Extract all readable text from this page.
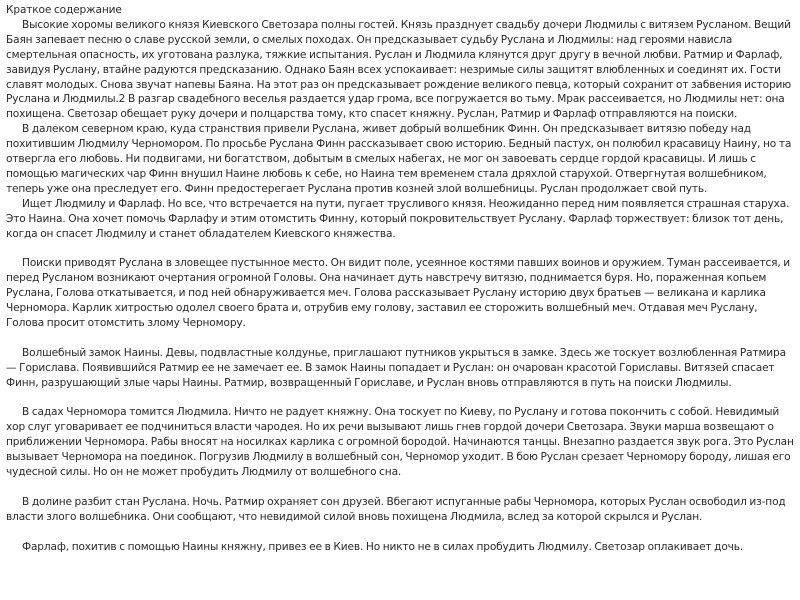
Краткое содержание

Высокие хоромы великого князя Киевского Светозара полны гостей. Князь празднует свадьбу дочери Людмилы с витязем Русланом. Вещий Баян запевает песню о славе русской земли, о смелых походах. Он предсказывает судьбу Руслана и Людмилы: над героями нависла смертельная опасность, их уготована разлука, тяжкие испытания. Руслан и Людмила клянутся друг другу в вечной любви. Ратмир и Фарлаф, завидуя Руслану, втайне радуются предсказанию. Однако Баян всех успокаивает: незримые силы защитят влюбленных и соединят их. Гости славят молодых. Снова звучат напевы Баяна. На этот раз он предсказывает рождение великого певца, который сохранит от забвения историю Руслана и Людмилы.2 В разгар свадебного веселья раздается удар грома, все погружается во тьму. Мрак рассеивается, но Людмилы нет: она похищена. Светозар обещает руку дочери и полцарства тому, кто спасет княжну. Руслан, Ратмир и Фарлаф отправляются на поиски.

В далеком северном краю, куда странствия привели Руслана, живет добрый волшебник Финн. Он предсказывает витязю победу над похитившим Людмилу Черномором. По просьбе Руслана Финн рассказывает свою историю. Бедный пастух, он полюбил красавицу Наину, но та отвергла его любовь. Ни подвигами, ни богатством, добытым в смелых набегах, не мог он завоевать сердце гордой красавицы. И лишь с помощью магических чар Финн внушил Наине любовь к себе, но Наина тем временем стала дряхлой старухой. Отвергнутая волшебником, теперь уже она преследует его. Финн предостерегает Руслана против козней злой волшебницы. Руслан продолжает свой путь.

Ищет Людмилу и Фарлаф. Но все, что встречается на пути, пугает трусливого князя. Неожиданно перед ним появляется страшная старуха. Это Наина. Она хочет помочь Фарлафу и этим отомстить Финну, который покровительствует Руслану. Фарлаф торжествует: близок тот день, когда он спасет Людмилу и станет обладателем Киевского княжества.

Поиски приводят Руслана в зловещее пустынное место. Он видит поле, усеянное костями павших воинов и оружием. Туман рассеивается, и перед Русланом возникают очертания огромной Головы. Она начинает дуть навстречу витязю, поднимается буря. Но, пораженная копьем Руслана, Голова откатывается, и под ней обнаруживается меч. Голова рассказывает Руслану историю двух братьев — великана и карлика Черномора. Карлик хитростью одолел своего брата и, отрубив ему голову, заставил ее сторожить волшебный меч. Отдавая меч Руслану, Голова просит отомстить злому Черномору.

Волшебный замок Наины. Девы, подвластные колдунье, приглашают путников укрыться в замке. Здесь же тоскует возлюбленная Ратмира — Горислава. Появившийся Ратмир ее не замечает ее. В замок Наины попадает и Руслан: он очарован красотой Гориславы. Витязей спасает Финн, разрушающий злые чары Наины. Ратмир, возвращенный Гориславе, и Руслан вновь отправляются в путь на поиски Людмилы.

В садах Черномора томится Людмила. Ничто не радует княжну. Она тоскует по Киеву, по Руслану и готова покончить с собой. Невидимый хор слуг уговаривает ее подчиниться власти чародея. Но их речи вызывают лишь гнев гордой дочери Светозара. Звуки марша возвещают о приближении Черномора. Рабы вносят на носилках карлика с огромной бородой. Начинаются танцы. Внезапно раздается звук рога. Это Руслан вызывает Черномора на поединок. Погрузив Людмилу в волшебный сон, Черномор уходит. В бою Руслан срезает Черномору бороду, лишая его чудесной силы. Но он не может пробудить Людмилу от волшебного сна.

В долине разбит стан Руслана. Ночь. Ратмир охраняет сон друзей. Вбегают испуганные рабы Черномора, которых Руслан освободил из-под власти злого волшебника. Они сообщают, что невидимой силой вновь похищена Людмила, вслед за которой скрылся и Руслан.

Фарлаф, похитив с помощью Наины княжну, привез ее в Киев. Но никто не в силах пробудить Людмилу. Светозар оплакивает дочь.
